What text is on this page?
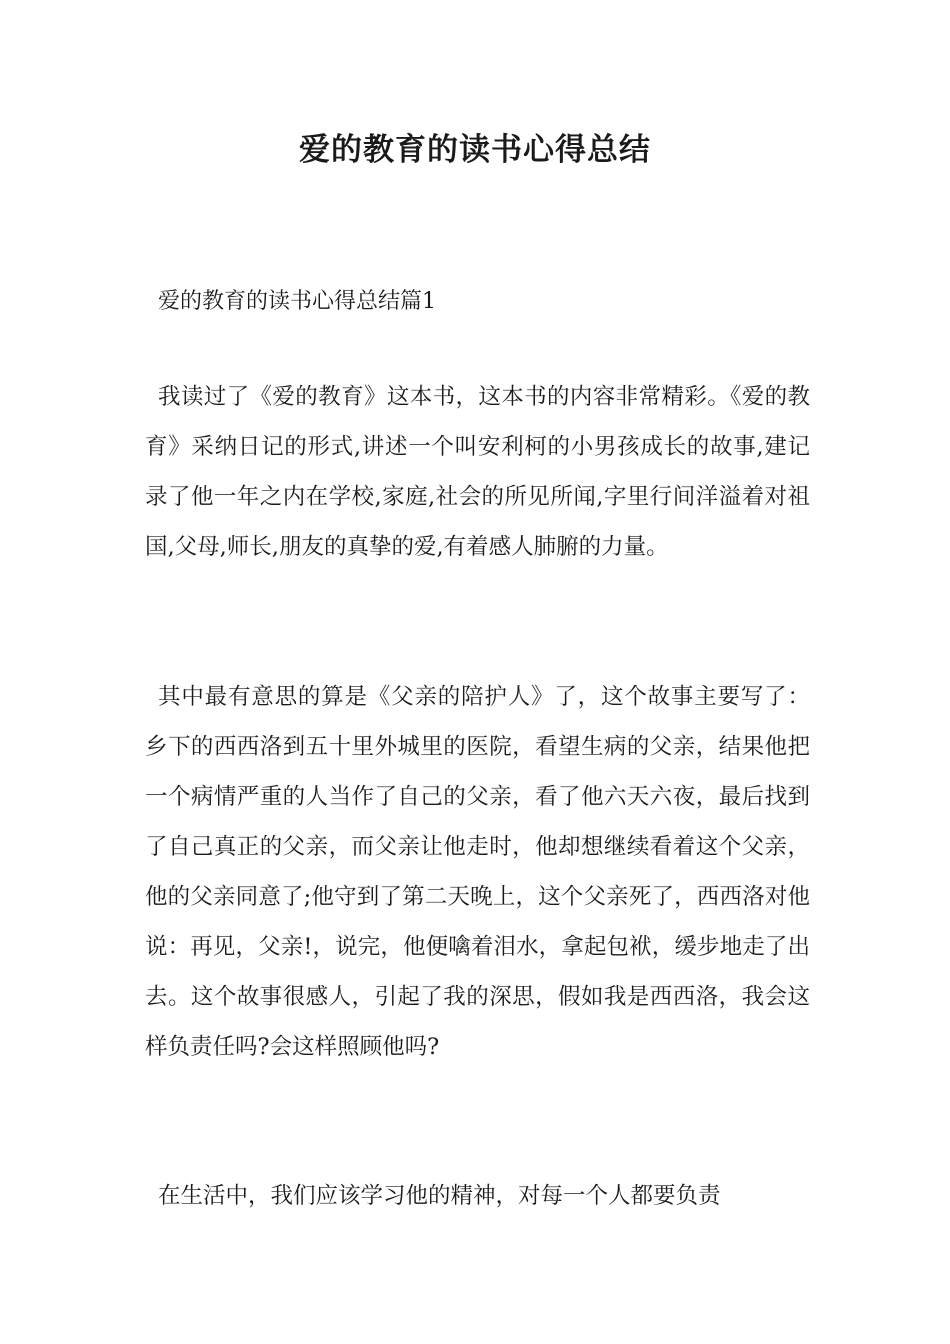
爱的教育的读书心得总结
爱的教育的读书心得总结篇1

我读过了《爱的教育》这本书，这本书的内容非常精彩。《爱的教育》采纳日记的形式,讲述一个叫安利柯的小男孩成长的故事,建记录了他一年之内在学校,家庭,社会的所见所闻,字里行间洋溢着对祖国,父母,师长,朋友的真挚的爱,有着感人肺腑的力量。

其中最有意思的算是《父亲的陪护人》了，这个故事主要写了：乡下的西西洛到五十里外城里的医院，看望生病的父亲，结果他把一个病情严重的人当作了自己的父亲，看了他六天六夜，最后找到了自己真正的父亲，而父亲让他走时，他却想继续看着这个父亲，他的父亲同意了;他守到了第二天晚上，这个父亲死了，西西洛对他说：再见，父亲!，说完，他便噙着泪水，拿起包袱，缓步地走了出去。这个故事很感人，引起了我的深思，假如我是西西洛，我会这样负责任吗?会这样照顾他吗?

在生活中，我们应该学习他的精神，对每一个人都要负责
